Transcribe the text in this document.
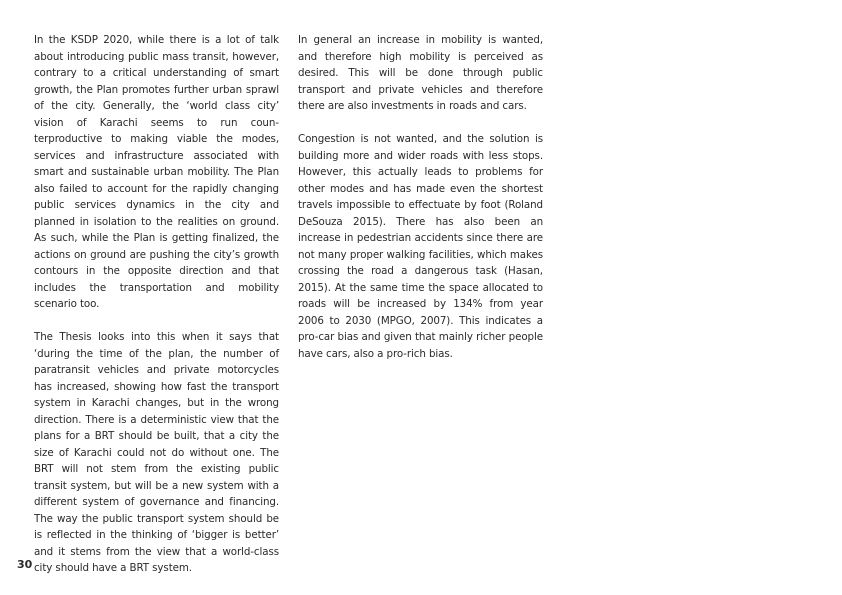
In the KSDP 2020, while there is a lot of talk about introducing public mass transit, however, contrary to a critical understanding of smart growth, the Plan promotes further urban sprawl of the city. Generally, the ‘world class city’ vision of Karachi seems to run counterproductive to making viable the modes, services and infrastructure associated with smart and sustainable urban mobility. The Plan also failed to account for the rapidly changing public services dynamics in the city and planned in isolation to the realities on ground. As such, while the Plan is getting finalized, the actions on ground are pushing the city’s growth contours in the opposite direction and that includes the transportation and mobility scenario too.

The Thesis looks into this when it says that ‘during the time of the plan, the number of paratransit vehicles and private motorcycles has increased, showing how fast the transport system in Karachi changes, but in the wrong direction. There is a deterministic view that the plans for a BRT should be built, that a city the size of Karachi could not do without one. The BRT will not stem from the existing public transit system, but will be a new system with a different system of governance and financing. The way the public transport system should be is reflected in the thinking of ‘bigger is better’ and it stems from the view that a world-class city should have a BRT system.

In general an increase in mobility is wanted, and therefore high mobility is perceived as desired. This will be done through public transport and private vehicles and therefore there are also investments in roads and cars.

Congestion is not wanted, and the solution is building more and wider roads with less stops. However, this actually leads to problems for other modes and has made even the shortest travels impossible to effectuate by foot (Roland DeSouza 2015). There has also been an increase in pedestrian accidents since there are not many proper walking facilities, which makes crossing the road a dangerous task (Hasan, 2015). At the same time the space allocated to roads will be increased by 134% from year 2006 to 2030 (MPGO, 2007). This indicates a pro-car bias and given that mainly richer people have cars, also a pro-rich bias.

30
